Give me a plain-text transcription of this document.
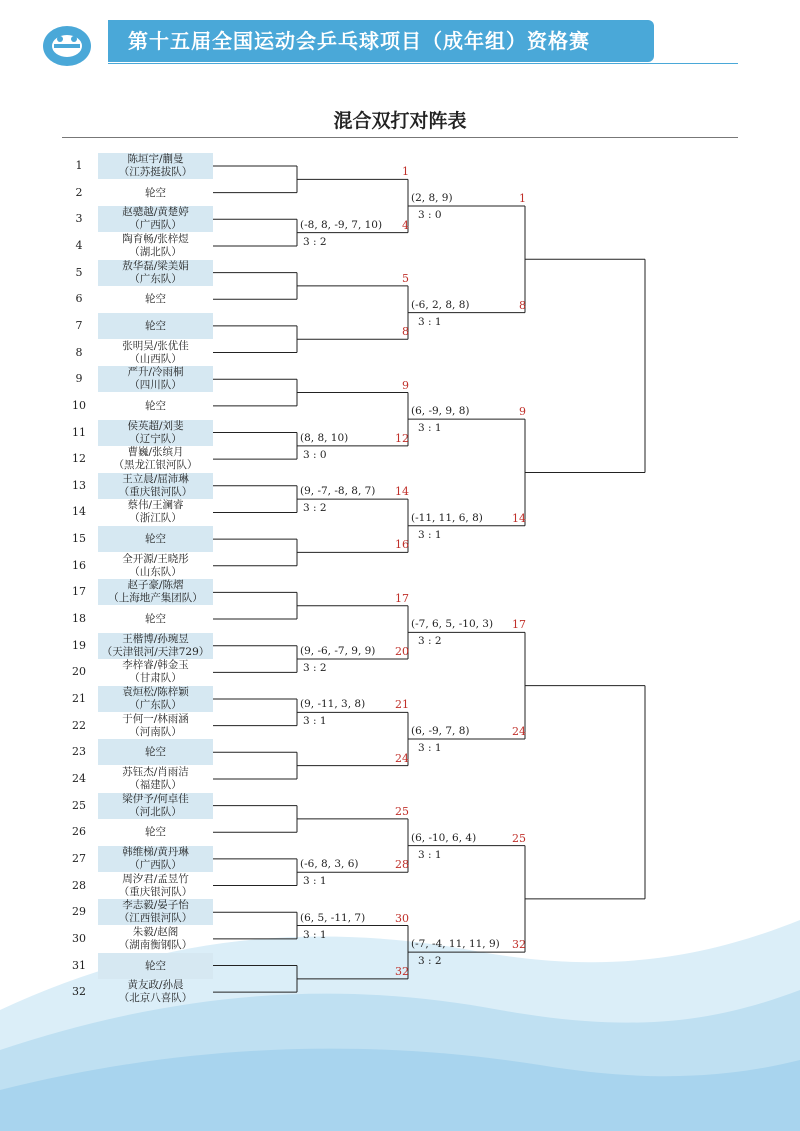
第十五届全国运动会乒乓球项目（成年组）资格赛
混合双打对阵表
1	陈垣宇/蒯曼
（江苏挺拔队）
2	轮空
3	赵骢越/黄楚婷
（广西队）
4	陶育畅/张梓煜
（湖北队）
5	敖华磊/梁美娟
（广东队）
6	轮空
7	轮空
8	张明昊/张优佳
（山西队）
9	严升/冷雨桐
（四川队）
10	轮空
11	侯英超/刘斐
（辽宁队）
12	曹巍/张缤月
（黑龙江银河队）
13	王立晨/屈沛琳
（重庆银河队）
14	蔡伟/王澜睿
（浙江队）
15	轮空
16	全开源/王晓彤
（山东队）
17	赵子豪/陈熠
（上海地产集团队）
18	轮空
19	王楷博/孙琬昱
（天津银河/天津729）
20	李梓睿/韩金玉
（甘肃队）
21	袁烜松/陈梓颖
（广东队）
22	于何一/林雨涵
（河南队）
23	轮空
24	苏钰杰/肖雨洁
（福建队）
25	梁伊予/何卓佳
（河北队）
26	轮空
27	韩维梯/黄丹琳
（广西队）
28	周汐君/孟昱竹
（重庆银河队）
29	李志毅/晏子怡
（江西银河队）
30	朱毅/赵阁
（湖南衡钢队）
31	轮空
32	黄友政/孙晨
（北京八喜队）
1
4
3 : 2
(-8, 8, -9, 7, 10)
5
8
9
12
3 : 0
(8, 8, 10)
14
3 : 2
(9, -7, -8, 8, 7)
16
17
20
3 : 2
(9, -6, -7, 9, 9)
21
3 : 1
(9, -11, 3, 8)
24
25
28
3 : 1
(-6, 8, 3, 6)
30
3 : 1
(6, 5, -11, 7)
32
1
3 : 0
(2, 8, 9)
8
3 : 1
(-6, 2, 8, 8)
9
3 : 1
(6, -9, 9, 8)
14
3 : 1
(-11, 11, 6, 8)
17
3 : 2
(-7, 6, 5, -10, 3)
24
3 : 1
(6, -9, 7, 8)
25
3 : 1
(6, -10, 6, 4)
32
3 : 2
(-7, -4, 11, 11, 9)
